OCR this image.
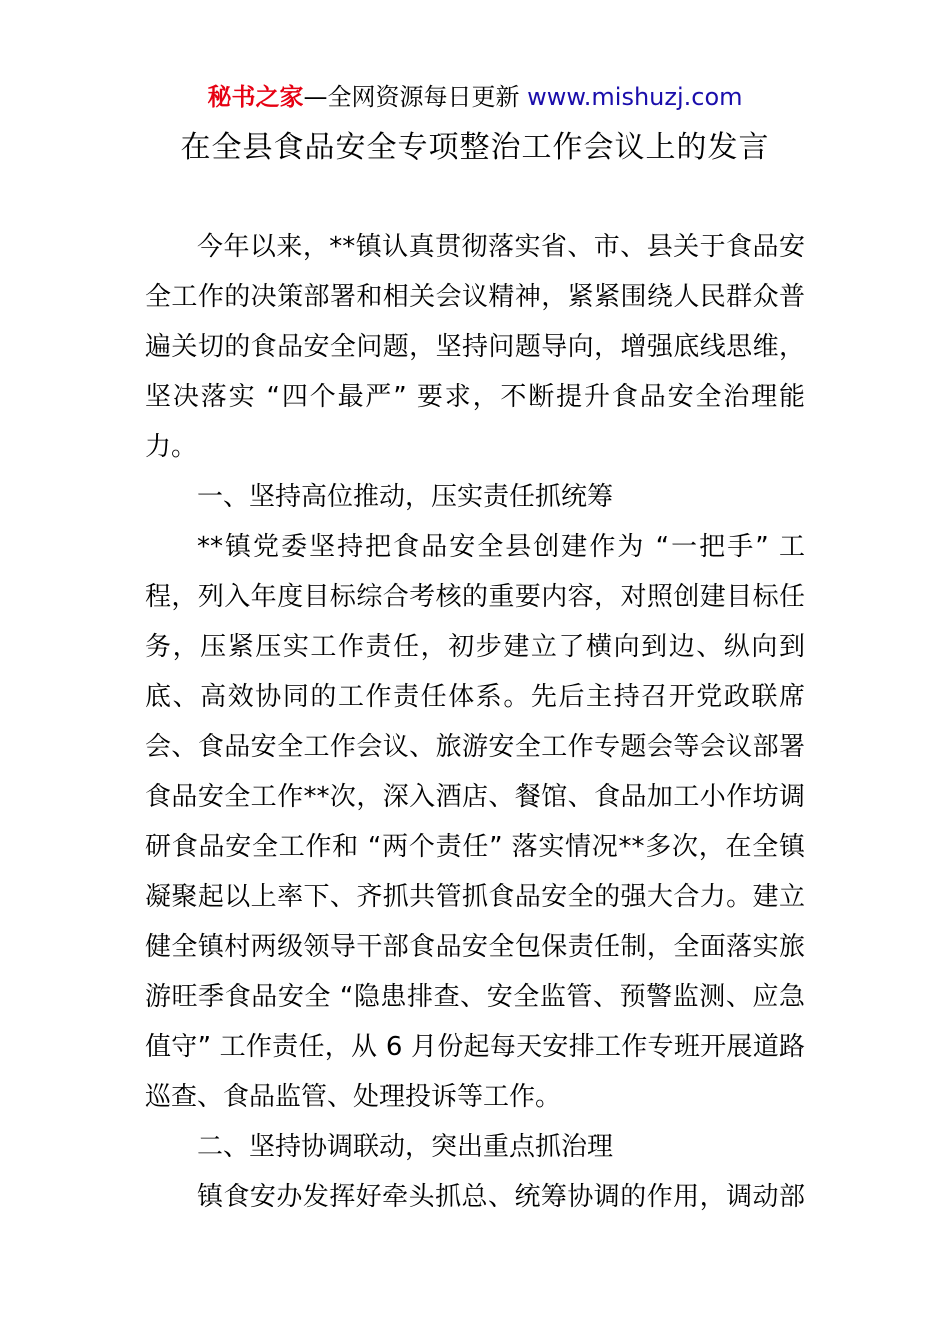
秘书之家—全网资源每日更新 www.mishuzj.com
在全县食品安全专项整治工作会议上的发言
今年以来，**镇认真贯彻落实省、市、县关于食品安
全工作的决策部署和相关会议精神，紧紧围绕人民群众普
遍关切的食品安全问题，坚持问题导向，增强底线思维，
坚决落实 “四个最严” 要求，不断提升食品安全治理能
力。
一、坚持高位推动，压实责任抓统筹
**镇党委坚持把食品安全县创建作为 “一把手” 工
程，列入年度目标综合考核的重要内容，对照创建目标任
务，压紧压实工作责任，初步建立了横向到边、纵向到
底、高效协同的工作责任体系。先后主持召开党政联席
会、食品安全工作会议、旅游安全工作专题会等会议部署
食品安全工作**次，深入酒店、餐馆、食品加工小作坊调
研食品安全工作和 “两个责任” 落实情况**多次，在全镇
凝聚起以上率下、齐抓共管抓食品安全的强大合力。建立
健全镇村两级领导干部食品安全包保责任制，全面落实旅
游旺季食品安全 “隐患排查、安全监管、预警监测、应急
值守” 工作责任，从 6 月份起每天安排工作专班开展道路
巡查、食品监管、处理投诉等工作。
二、坚持协调联动，突出重点抓治理
镇食安办发挥好牵头抓总、统筹协调的作用，调动部
